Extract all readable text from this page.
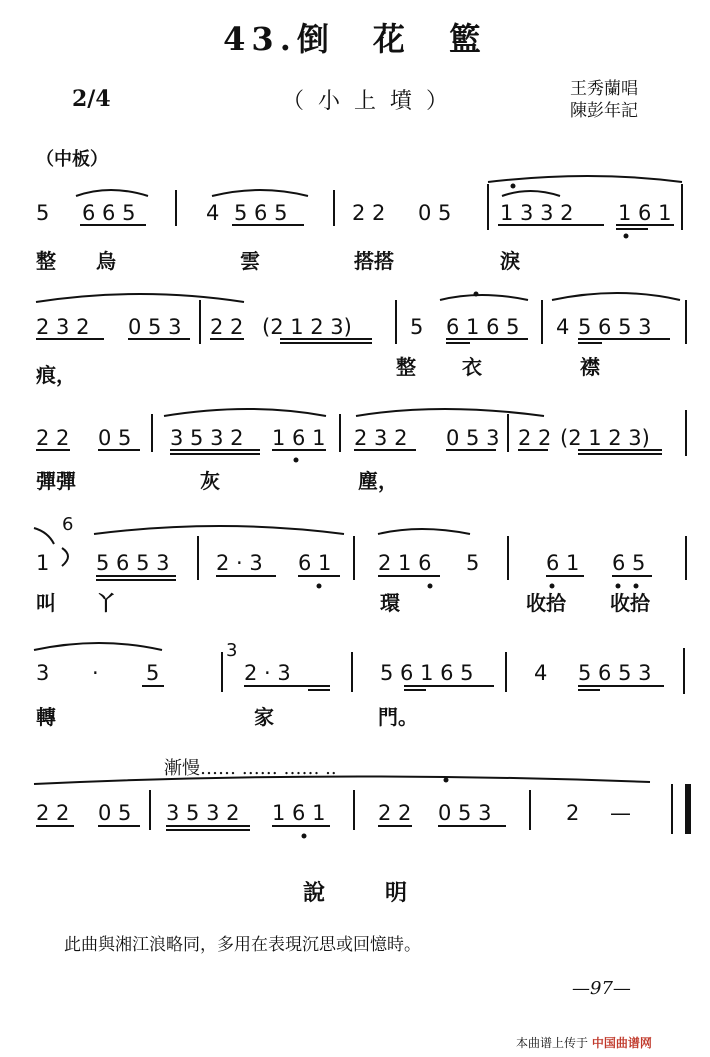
43.倒　花　籃
2/4	（小上墳）	王秀蘭唱
陳彭年記
（中板）
5 6 6 5	4 5 6 5	2 2 0 5 1 3 3 2 1 6 1
2 3 2 0 5 3 2 2 (2 1 2 3)	5 6 1 6 5 4 5 6 5 3
2 2 0 5 3 5 3 2 1 6 1 2 3 2 0 5 3 2 2 (2 1 2 3)
6
1 5 6 5 3 2 · 3 6 1 2 1 6 5	6 1 6 5
3 · 5
3
2 · 3	5 6 1 6 5	4 5 6 5 3
2 2 0 5 3 5 3 2 1 6 1	2 2 0 5 3	2 —
整 烏	雲	搭搭	淚
痕，	整 衣	襟
彈彈	灰	塵，
叫 丫	環	收拾 收拾
轉	家	門。
漸慢…… …… …… ..
說明
此曲與湘江浪略同，多用在表現沉思或回憶時。
—97—
本曲谱上传于 中国曲谱网
